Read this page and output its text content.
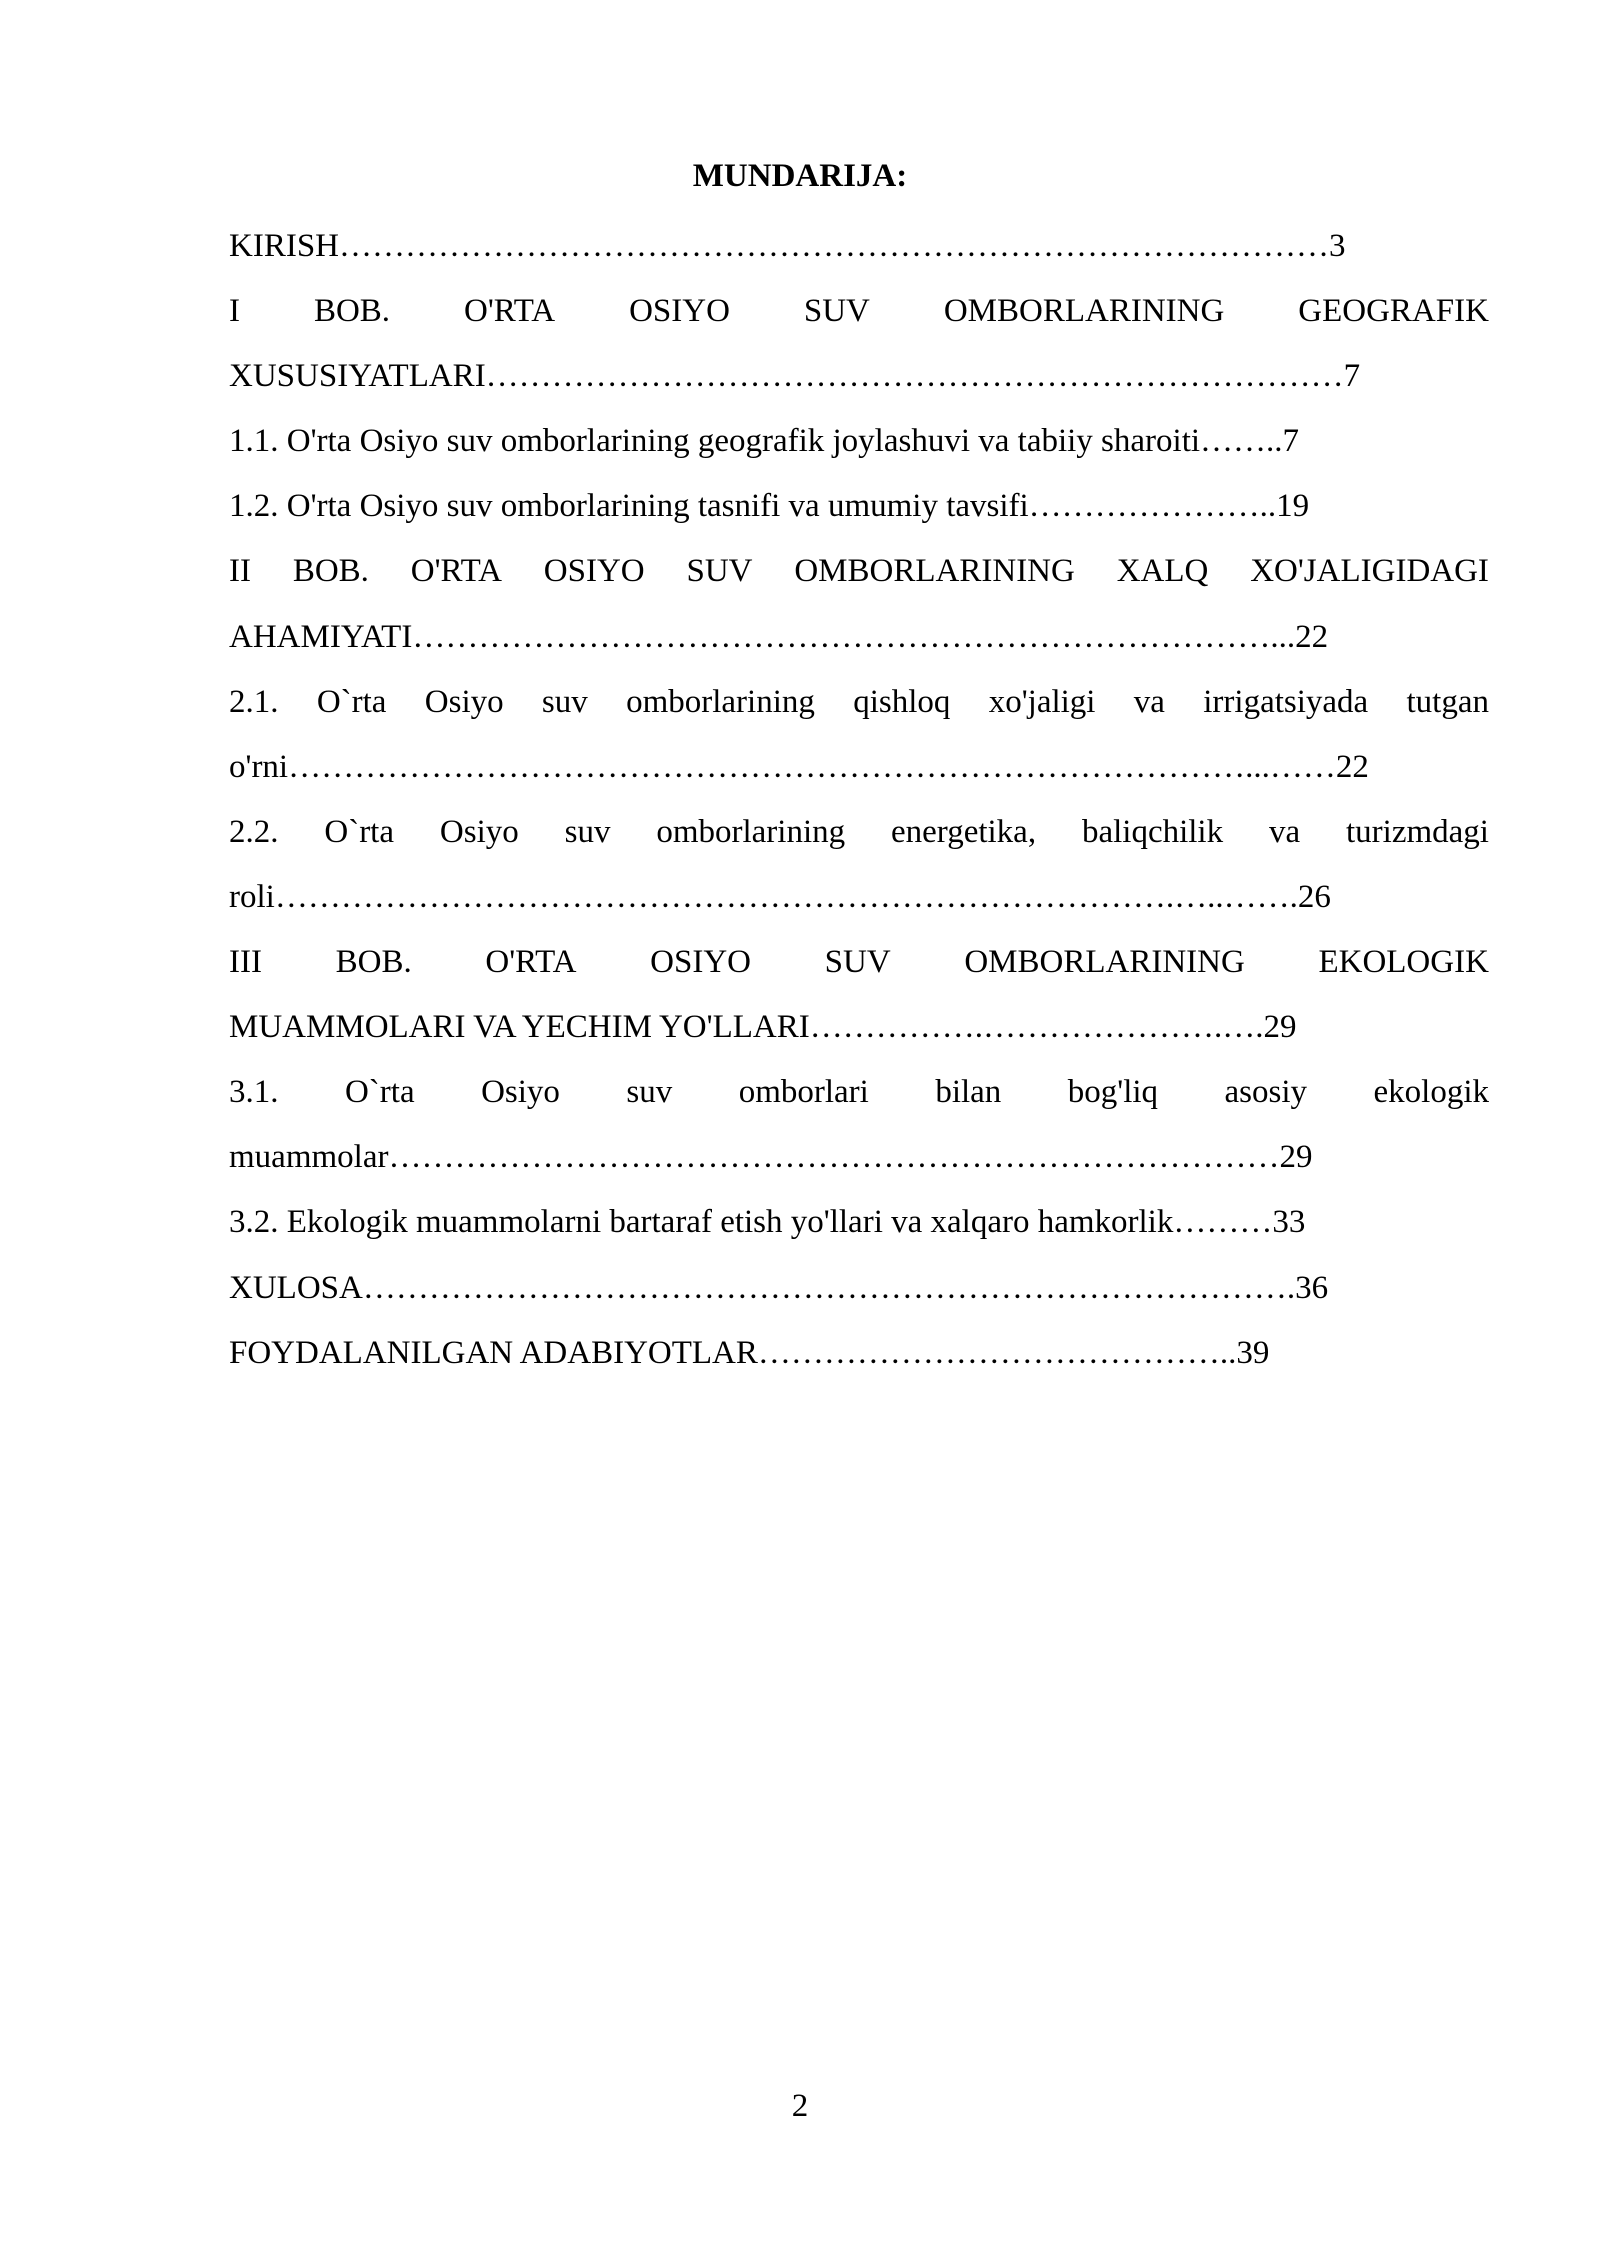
MUNDARIJA:
KIRISH………………………………………………………………………………3
I BOB. O'RTA OSIYO SUV OMBORLARINING GEOGRAFIK
XUSUSIYATLARI……………………………………………………………………7
1.1. O'rta Osiyo suv omborlarining geografik joylashuvi va tabiiy sharoiti……..7
1.2. O'rta Osiyo suv omborlarining tasnifi va umumiy tavsifi…………………..19
II BOB. O'RTA OSIYO SUV OMBORLARINING XALQ XO'JALIGIDAGI
AHAMIYATI……………………………………………………………………...22
2.1. O`rta Osiyo suv omborlarining qishloq xo'jaligi va irrigatsiyada tutgan
o'rni……………………………………………………………………………...……22
2.2. O`rta Osiyo suv omborlarining energetika, baliqchilik va turizmdagi
roli……………………………………………………………………….…..…….26
III BOB. O'RTA OSIYO SUV OMBORLARINING EKOLOGIK
MUAMMOLARI VA YECHIM YO'LLARI…………….………………….….29
3.1. O`rta Osiyo suv omborlari bilan bog'liq asosiy ekologik
muammolar………………………………………………………………………29
3.2. Ekologik muammolarni bartaraf etish yo'llari va xalqaro hamkorlik………33
XULOSA………………………………………………………………………….36
FOYDALANILGAN ADABIYOTLAR……………………………………..39
2
